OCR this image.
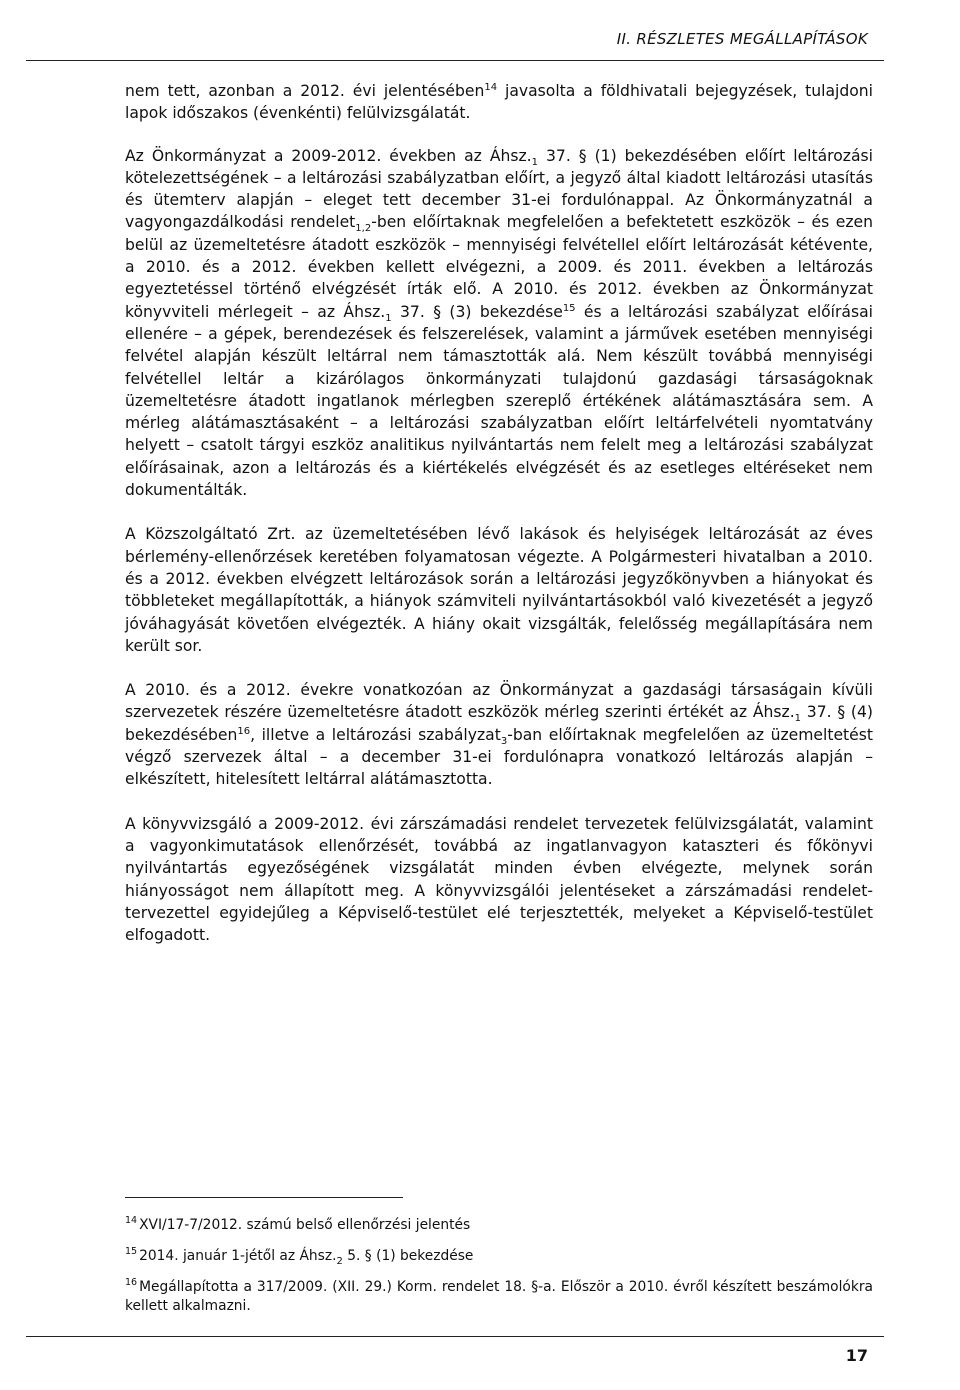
II. RÉSZLETES MEGÁLLAPÍTÁSOK

nem tett, azonban a 2012. évi jelentésében$^{14}$ javasolta a földhivatali bejegyzések, tulajdoni lapok időszakos (évenkénti) felülvizsgálatát.

Az Önkormányzat a 2009-2012. években az $Áhsz._1$ 37. § (1) bekezdésében előírt leltározási kötelezettségének – a leltározási szabályzatban előírt, a jegyző által kiadott leltározási utasítás és ütemterv alapján – eleget tett december 31-ei fordulónappal. Az Önkormányzatnál a vagyongazdálkodási rendelet$_{1,2}$-ben előírtaknak megfelelően a befektetett eszközök – és ezen belül az üzemeltetésre átadott eszközök – mennyiségi felvétellel előírt leltározását kétévente, a 2010. és a 2012. években kellett elvégezni, a 2009. és 2011. években a leltározás egyeztetéssel történő elvégzését írták elő. A 2010. és 2012. években az Önkormányzat könyvviteli mérlegeit – az $Áhsz._1$ 37. § (3) bekezdése$^{15}$ és a leltározási szabályzat előírásai ellenére – a gépek, berendezések és felszerelések, valamint a járművek esetében mennyiségi felvétel alapján készült leltárral nem támasztották alá. Nem készült továbbá mennyiségi felvétellel leltár a kizárólagos önkormányzati tulajdonú gazdasági társaságoknak üzemeltetésre átadott ingatlanok mérlegben szereplő értékének alátámasztására sem. A mérleg alátámasztásaként – a leltározási szabályzatban előírt leltárfelvételi nyomtatvány helyett – csatolt tárgyi eszköz analitikus nyilvántartás nem felelt meg a leltározási szabályzat előírásainak, azon a leltározás és a kiértékelés elvégzését és az esetleges eltéréseket nem dokumentálták.

A Közszolgáltató Zrt. az üzemeltetésében lévő lakások és helyiségek leltározását az éves bérlemény-ellenőrzések keretében folyamatosan végezte. A Polgármesteri hivatalban a 2010. és a 2012. években elvégzett leltározások során a leltározási jegyzőkönyvben a hiányokat és többleteket megállapították, a hiányok számviteli nyilvántartásokból való kivezetését a jegyző jóváhagyását követően elvégezték. A hiány okait vizsgálták, felelősség megállapítására nem került sor.

A 2010. és a 2012. évekre vonatkozóan az Önkormányzat a gazdasági társaságain kívüli szervezetek részére üzemeltetésre átadott eszközök mérleg szerinti értékét az $Áhsz._1$ 37. § (4) bekezdésében$^{16}$, illetve a leltározási szabályzat$_3$-ban előírtaknak megfelelően az üzemeltetést végző szervezek által – a december 31-ei fordulónapra vonatkozó leltározás alapján – elkészített, hitelesített leltárral alátámasztotta.

A könyvvizsgáló a 2009-2012. évi zárszámadási rendelet tervezetek felülvizsgálatát, valamint a vagyonkimutatások ellenőrzését, továbbá az ingatlanvagyon kataszteri és főkönyvi nyilvántartás egyezőségének vizsgálatát minden évben elvégezte, melynek során hiányosságot nem állapított meg. A könyvvizsgálói jelentéseket a zárszámadási rendelet-tervezettel egyidejűleg a Képviselő-testület elé terjesztették, melyeket a Képviselő-testület elfogadott.

$^{14}$ XVI/17-7/2012. számú belső ellenőrzési jelentés

$^{15}$ 2014. január 1-jétől az $Áhsz._2$ 5. § (1) bekezdése

$^{16}$ Megállapította a 317/2009. (XII. 29.) Korm. rendelet 18. §-a. Először a 2010. évről készített beszámolókra kellett alkalmazni.

17
